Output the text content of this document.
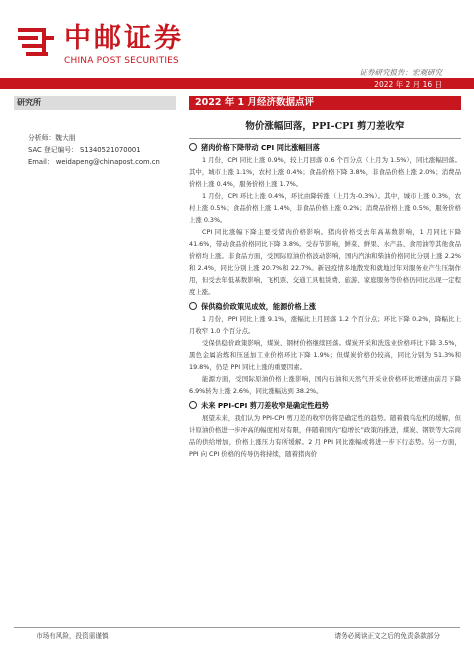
中邮证券
CHINA POST SECURITIES
证券研究报告：宏观研究
2022 年 2 月 16 日
研究所
分析师：魏大朋
SAC 登记编号： S1340521070001
Email： weidapeng@chinapost.com.cn
2022 年 1 月经济数据点评
物价涨幅回落，PPI-CPI 剪刀差收窄
猪肉价格下降带动 CPI 同比涨幅回落
1 月份，CPI 同比上涨 0.9%，较上月回落 0.6 个百分点（上月为 1.5%），同比涨幅回落。其中，城市上涨 1.1%，农村上涨 0.4%；食品价格下降 3.8%，非食品价格上涨 2.0%；消费品价格上涨 0.4%，服务价格上涨 1.7%。
1 月份，CPI 环比上涨 0.4%，环比由降转涨（上月为-0.3%）。其中，城市上涨 0.3%，农村上涨 0.5%；食品价格上涨 1.4%，非食品价格上涨 0.2%；消费品价格上涨 0.5%，服务价格上涨 0.3%。
CPI 同比涨幅下降主要受猪肉价格影响。猪肉价格受去年高基数影响，1 月同比下降 41.6%，带动食品价格同比下降 3.8%。受春节影响，鲜菜、鲜果、水产品、食用油等其他食品价格均上涨。非食品方面，受国际原油价格波动影响，国内汽油和柴油价格同比分别上涨 2.2%和 2.4%，同比分别上涨 20.7%和 22.7%。新冠疫情多地散发和就地过年对服务业产生压制作用，但受去年低基数影响，飞机票、交通工具租赁费、旅游、家庭服务等价格仍同比出现一定程度上涨。
保供稳价政策见成效，能源价格上涨
1 月份，PPI 同比上涨 9.1%，涨幅比上月回落 1.2 个百分点；环比下降 0.2%，降幅比上月收窄 1.0 个百分点。
受保供稳价政策影响，煤炭、钢材价格继续回落。煤炭开采和洗选业价格环比下降 3.5%，黑色金属冶炼和压延加工业价格环比下降 1.9%；但煤炭价格仍较高，同比分别为 51.3%和 19.8%，仍是 PPI 同比上涨的重要因素。
能源方面，受国际原油价格上涨影响，国内石油和天然气开采业价格环比增速由前月下降 6.9%转为上涨 2.6%，同比涨幅达到 38.2%。
未来 PPI-CPI 剪刀差收窄是确定性趋势
展望未来，我们认为 PPI-CPI 剪刀差的收窄仍将是确定性的趋势。随着俄乌危机的缓解，但计原油价格进一步冲高的幅度相对有限，伴随着国内“稳增长”政策的推进，煤炭、钢铁等大宗商品的供给增加，价格上涨压力有所缓解。2 月 PPI 同比涨幅或将进一步下行态势。另一方面，PPI 向 CPI 价格的传导仍将持续，随着猪肉价
市场有风险，投资需谨慎	请务必阅读正文之后的免责条款部分
